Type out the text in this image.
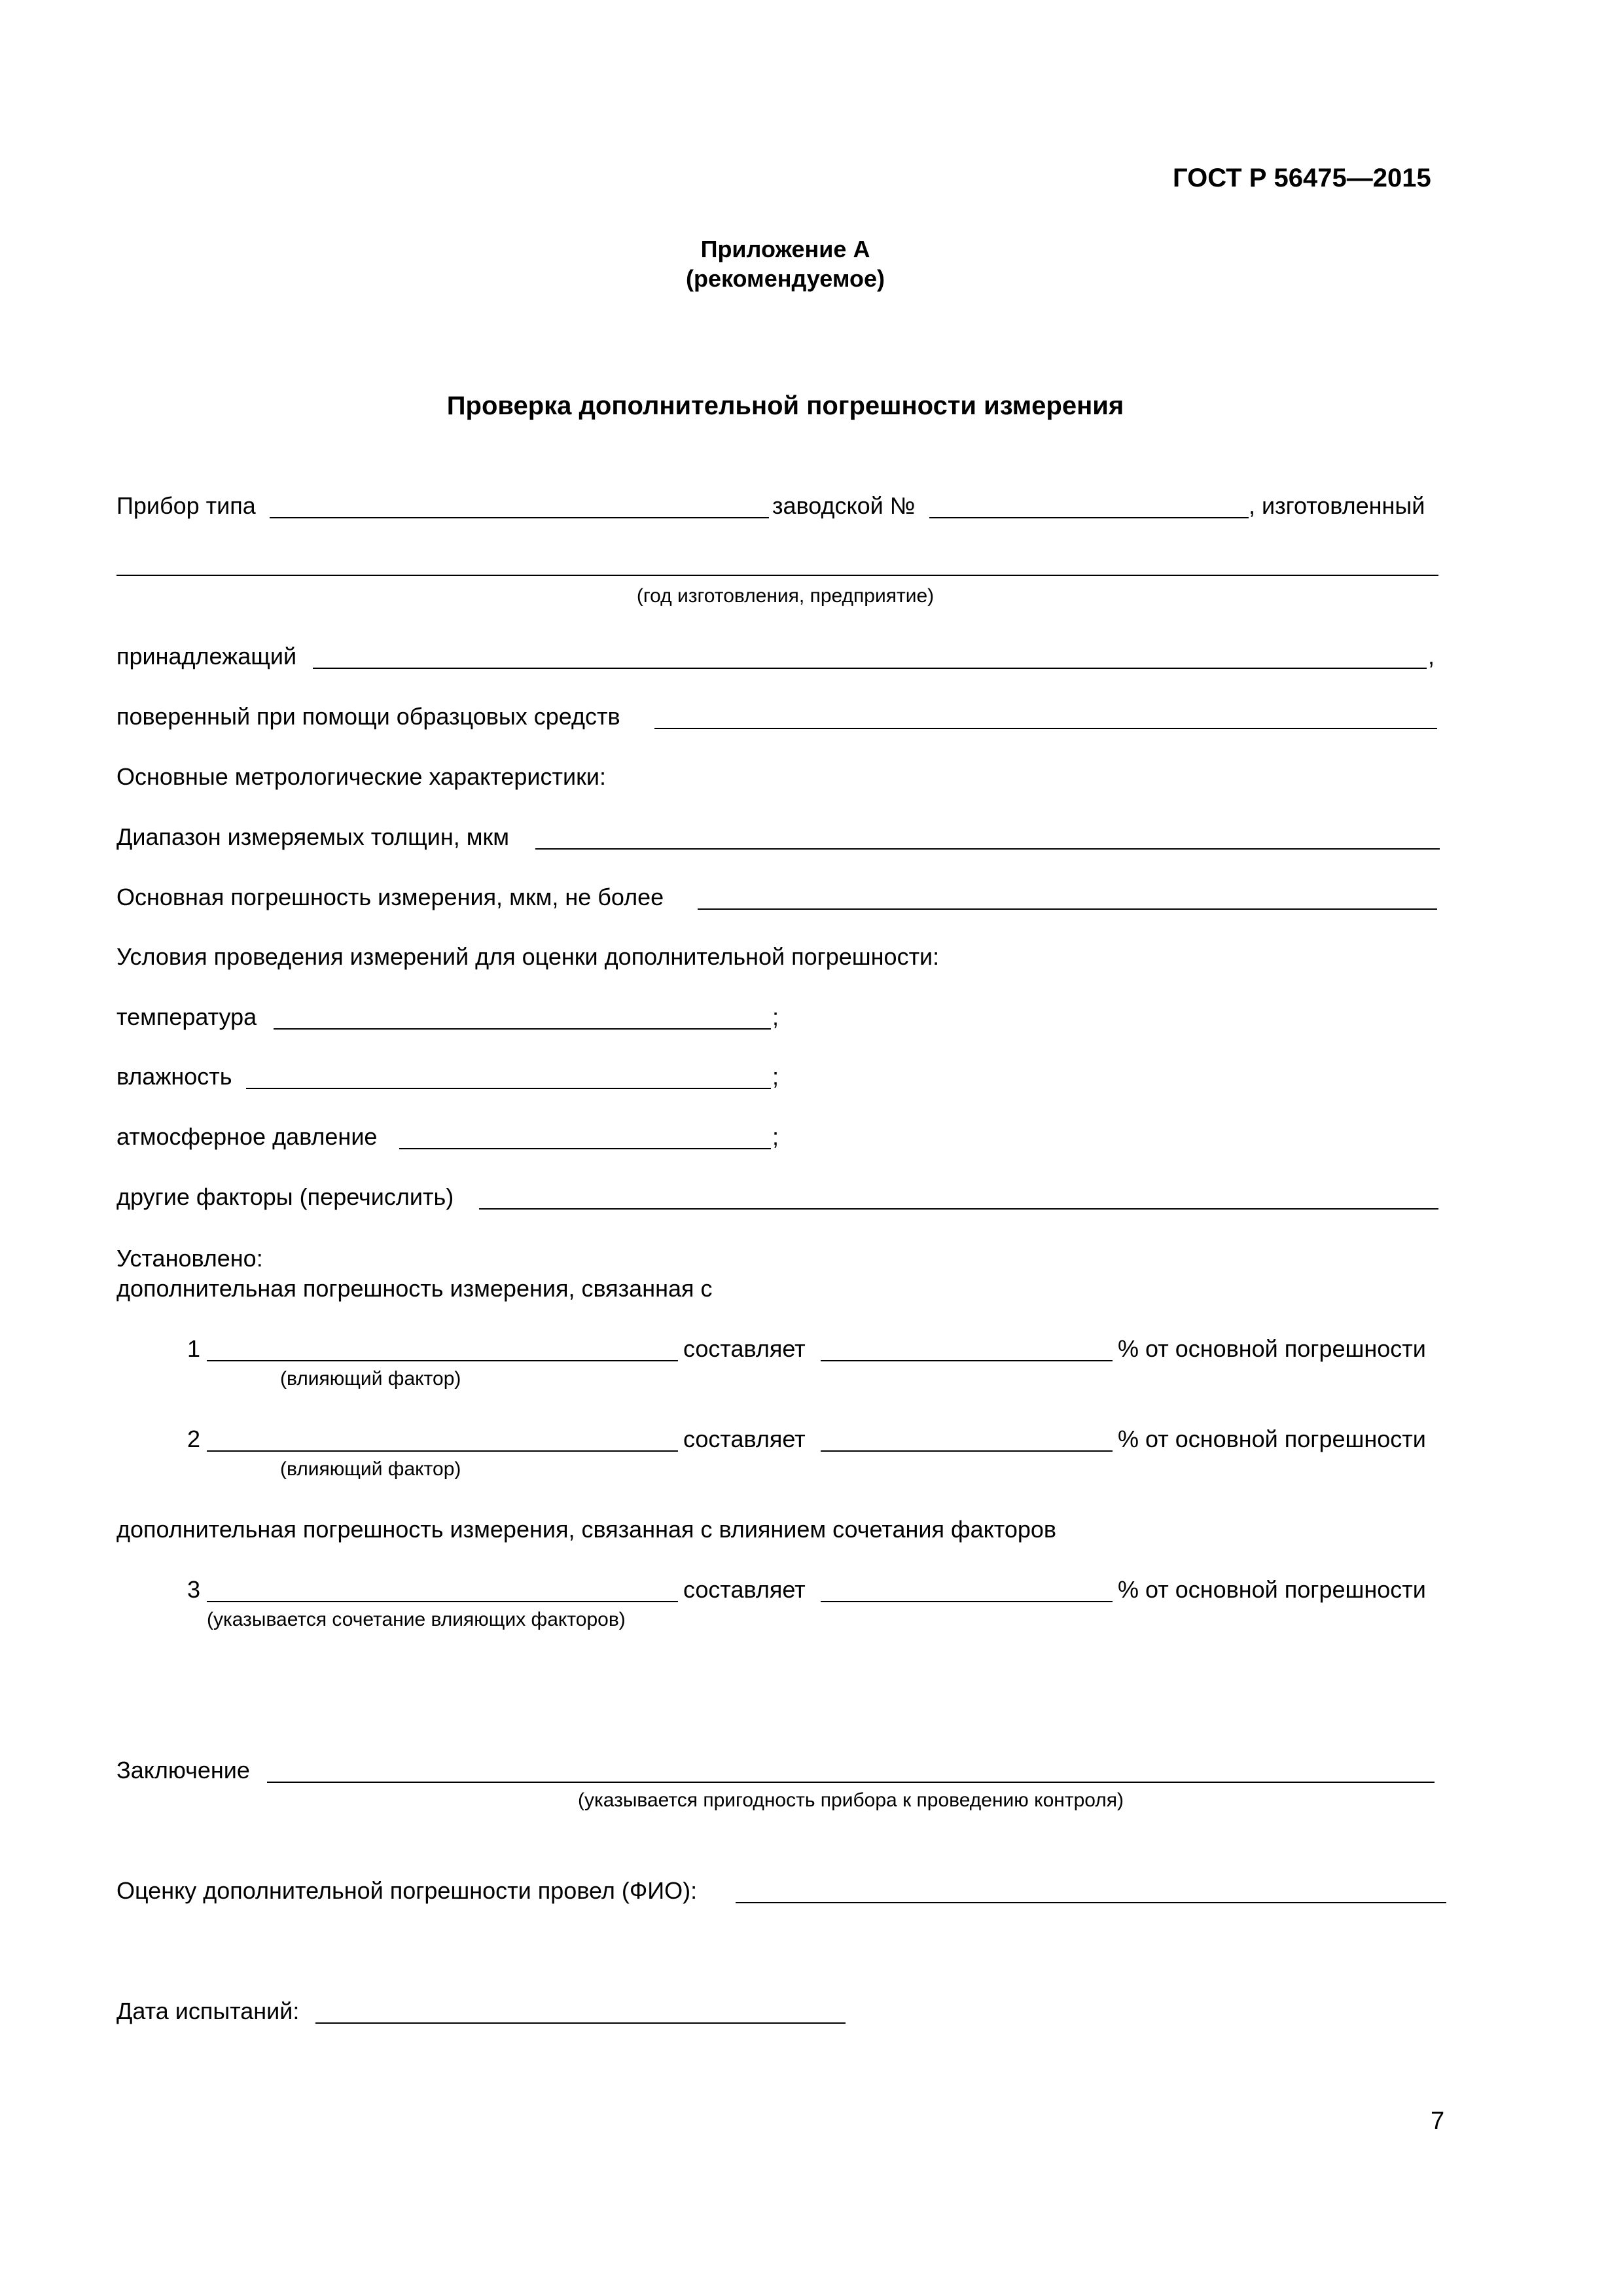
ГОСТ Р 56475—2015
Приложение А
(рекомендуемое)
Проверка дополнительной погрешности измерения
Прибор типа	заводской №	, изготовленный
(год изготовления, предприятие)
принадлежащий	,
поверенный при помощи образцовых средств
Основные метрологические характеристики:
Диапазон измеряемых толщин, мкм
Основная погрешность измерения, мкм, не более
Условия проведения измерений для оценки дополнительной погрешности:
температура	;
влажность	;
атмосферное давление	;
другие факторы (перечислить)
Установлено:
дополнительная погрешность измерения, связанная с
1	составляет	% от основной погрешности
(влияющий фактор)
2	составляет	% от основной погрешности
(влияющий фактор)
дополнительная погрешность измерения, связанная с влиянием сочетания факторов
3	составляет	% от основной погрешности
(указывается сочетание влияющих факторов)
Заключение
(указывается пригодность прибора к проведению контроля)
Оценку дополнительной погрешности провел (ФИО):
Дата испытаний:
7
